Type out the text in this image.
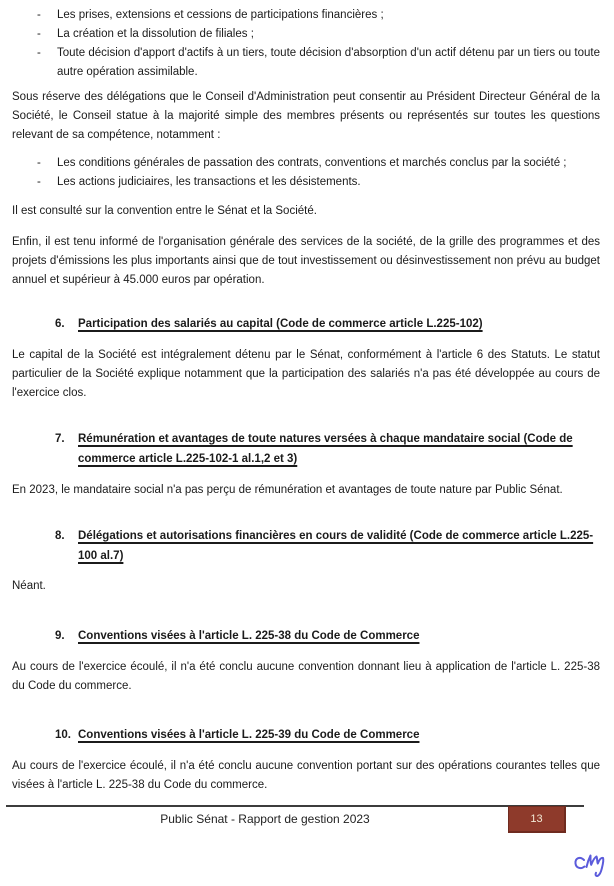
-	Les prises, extensions et cessions de participations financières ;
-	La création et la dissolution de filiales ;
-	Toute décision d'apport d'actifs à un tiers, toute décision d'absorption d'un actif détenu par un tiers ou toute autre opération assimilable.

Sous réserve des délégations que le Conseil d'Administration peut consentir au Président Directeur Général de la Société, le Conseil statue à la majorité simple des membres présents ou représentés sur toutes les questions relevant de sa compétence, notamment :

-	Les conditions générales de passation des contrats, conventions et marchés conclus par la société ;
-	Les actions judiciaires, les transactions et les désistements.

Il est consulté sur la convention entre le Sénat et la Société.

Enfin, il est tenu informé de l'organisation générale des services de la société, de la grille des programmes et des projets d'émissions les plus importants ainsi que de tout investissement ou désinvestissement non prévu au budget annuel et supérieur à 45.000 euros par opération.

6.	Participation des salariés au capital (Code de commerce article L.225-102)

Le capital de la Société est intégralement détenu par le Sénat, conformément à l'article 6 des Statuts. Le statut particulier de la Société explique notamment que la participation des salariés n'a pas été développée au cours de l'exercice clos.

7.	Rémunération et avantages de toute natures versées à chaque mandataire social (Code de commerce article L.225-102-1 al.1,2 et 3)

En 2023, le mandataire social n'a pas perçu de rémunération et avantages de toute nature par Public Sénat.

8.	Délégations et autorisations financières en cours de validité (Code de commerce article L.225-100 al.7)

Néant.

9.	Conventions visées à l'article L. 225-38 du Code de Commerce

Au cours de l'exercice écoulé, il n'a été conclu aucune convention donnant lieu à application de l'article L. 225-38 du Code du commerce.

10. Conventions visées à l'article L. 225-39 du Code de Commerce

Au cours de l'exercice écoulé, il n'a été conclu aucune convention portant sur des opérations courantes telles que visées à l'article L. 225-38 du Code du commerce.

Public Sénat - Rapport de gestion 2023	13
